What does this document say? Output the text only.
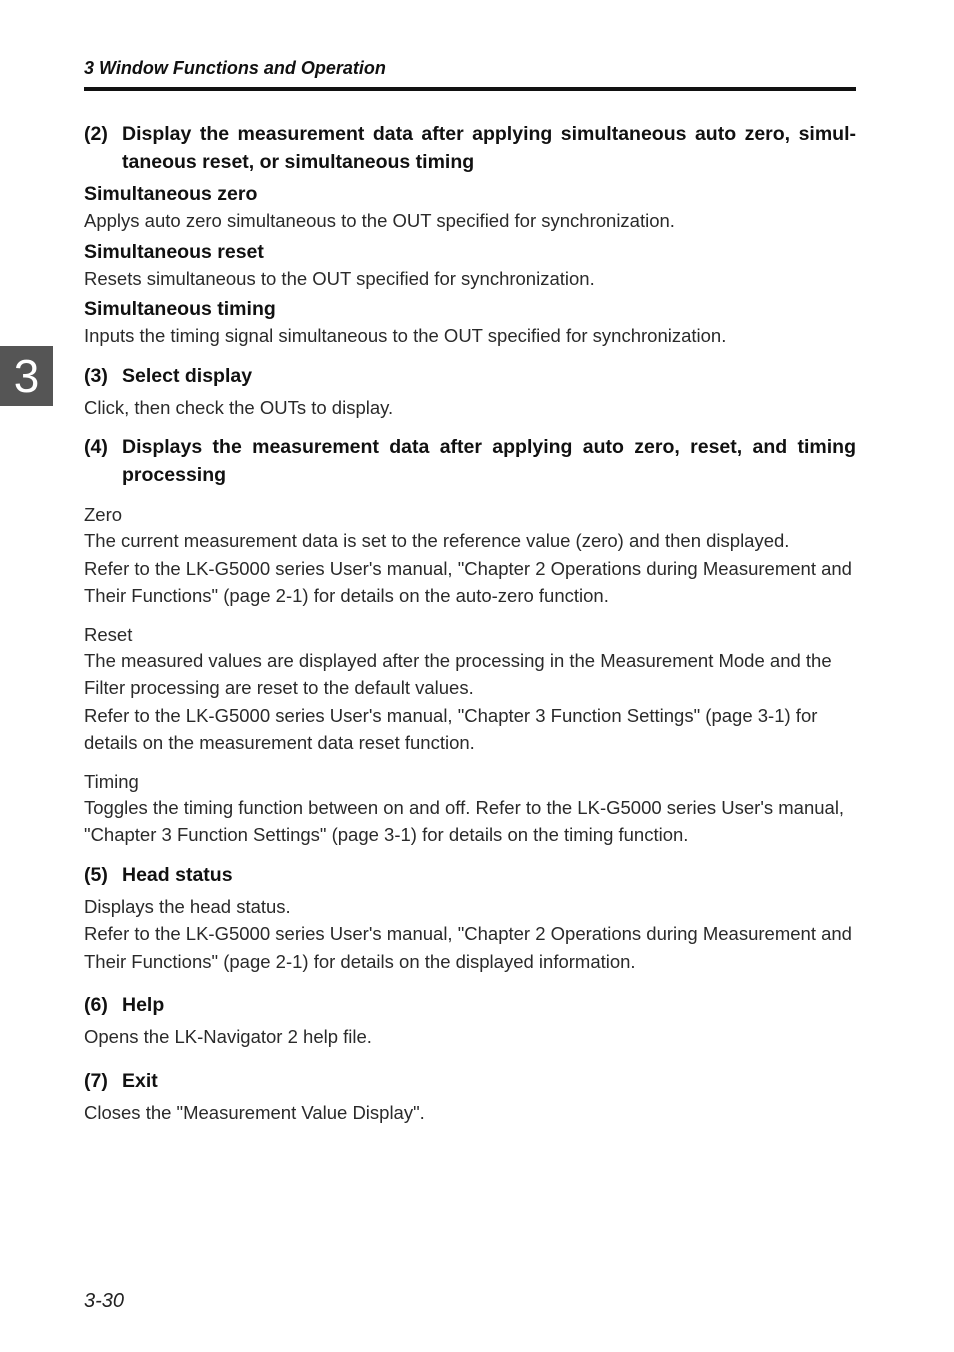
3 Window Functions and Operation
3
(2) Display the measurement data after applying simultaneous auto zero, simul-taneous reset, or simultaneous timing
Simultaneous zero
Applys auto zero simultaneous to the OUT specified for synchronization.
Simultaneous reset
Resets simultaneous to the OUT specified for synchronization.
Simultaneous timing
Inputs the timing signal simultaneous to the OUT specified for synchronization.
(3) Select display
Click, then check the OUTs to display.
(4) Displays the measurement data after applying auto zero, reset, and timing processing
Zero
The current measurement data is set to the reference value (zero) and then displayed.
Refer to the LK-G5000 series User's manual, "Chapter 2 Operations during Measurement and Their Functions" (page 2-1) for details on the auto-zero function.
Reset
The measured values are displayed after the processing in the Measurement Mode and the Filter processing are reset to the default values.
Refer to the LK-G5000 series User's manual, "Chapter 3 Function Settings" (page 3-1) for details on the measurement data reset function.
Timing
Toggles the timing function between on and off. Refer to the LK-G5000 series User's manual, "Chapter 3 Function Settings" (page 3-1) for details on the timing function.
(5) Head status
Displays the head status.
Refer to the LK-G5000 series User's manual, "Chapter 2 Operations during Measurement and Their Functions" (page 2-1) for details on the displayed information.
(6) Help
Opens the LK-Navigator 2 help file.
(7) Exit
Closes the "Measurement Value Display".
3-30
